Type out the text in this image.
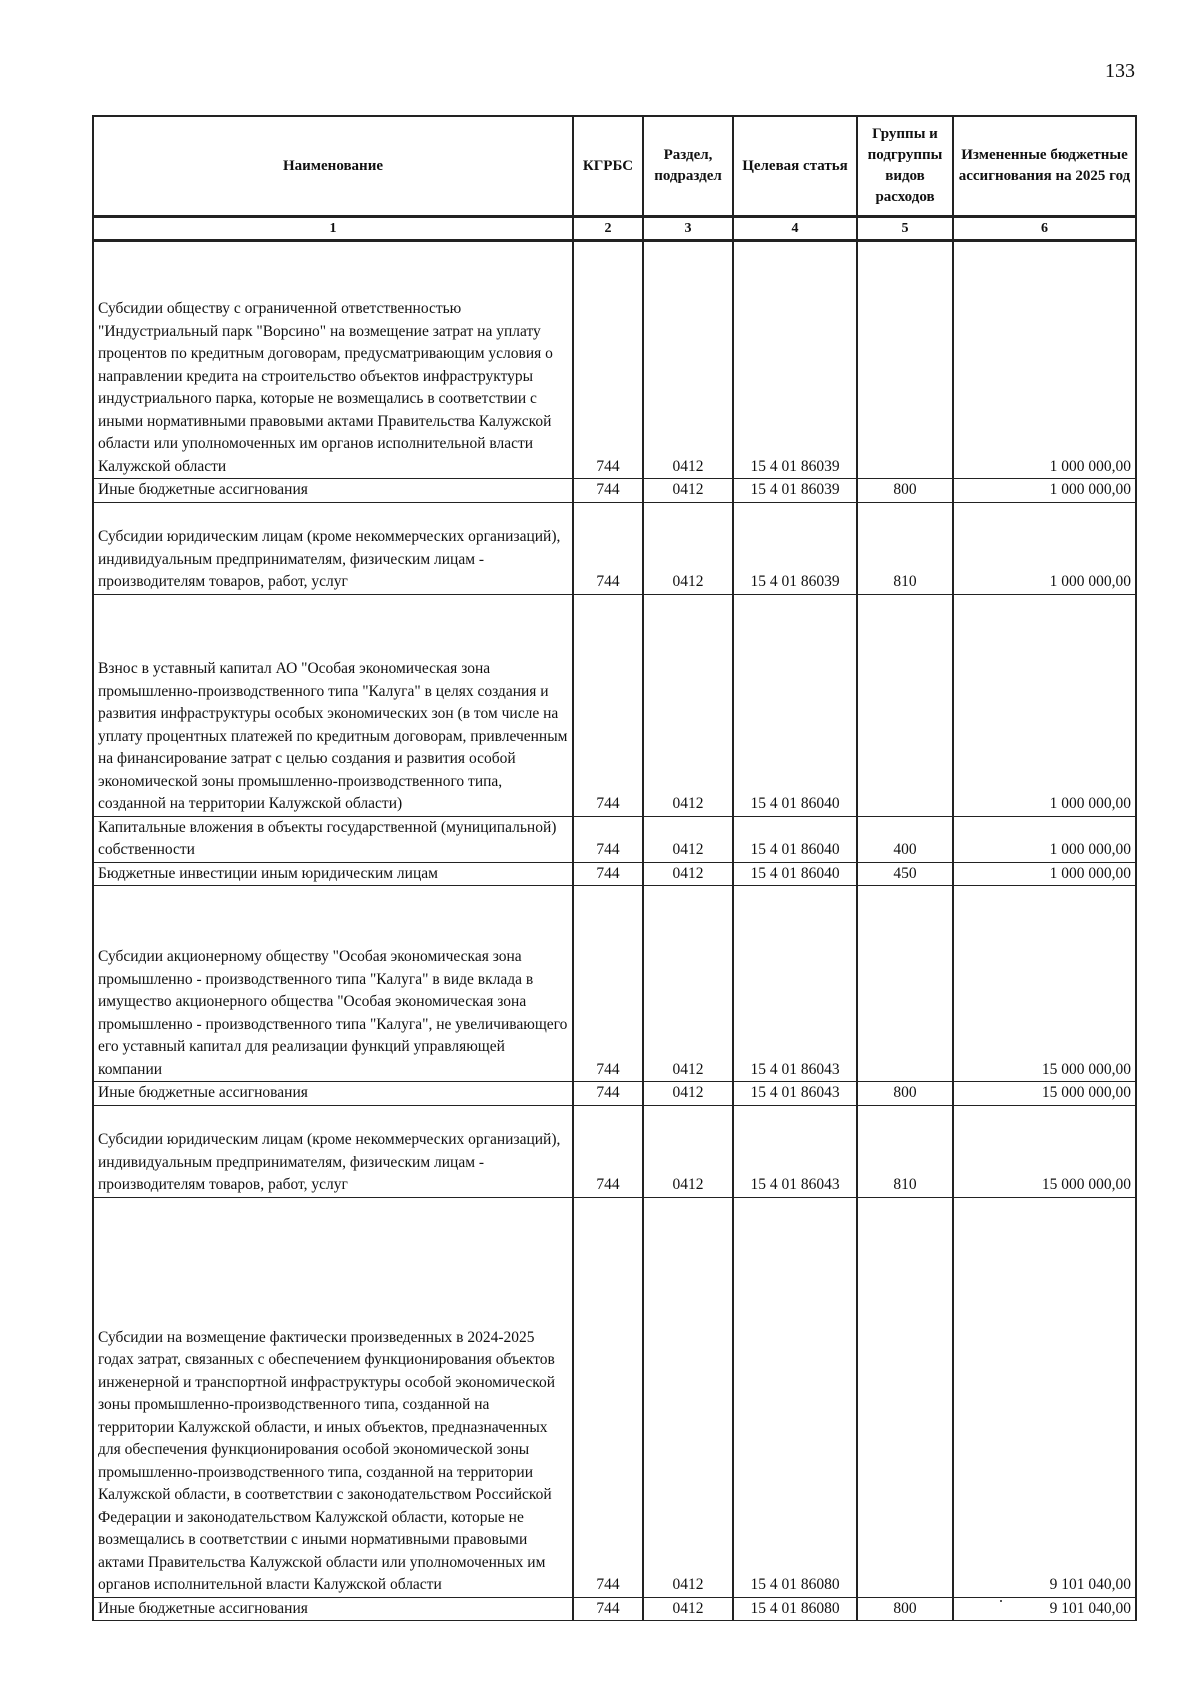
133
Наименование	КГРБС	Раздел, подраздел	Целевая статья	Группы и подгруппы видов расходов	Измененные бюджетные ассигнования на 2025 год
1	2	3	4	5	6
Субсидии обществу с ограниченной ответственностью "Индустриальный парк "Ворсино" на возмещение затрат на уплату процентов по кредитным договорам, предусматривающим условия о направлении кредита на строительство объектов инфраструктуры индустриального парка, которые не возмещались в соответствии с иными нормативными правовыми актами Правительства Калужской области или уполномоченных им органов исполнительной власти Калужской области	744	0412	15 4 01 86039		1 000 000,00
Иные бюджетные ассигнования	744	0412	15 4 01 86039	800	1 000 000,00
Субсидии юридическим лицам (кроме некоммерческих организаций), индивидуальным предпринимателям, физическим лицам - производителям товаров, работ, услуг	744	0412	15 4 01 86039	810	1 000 000,00
Взнос в уставный капитал АО "Особая экономическая зона промышленно-производственного типа "Калуга" в целях создания и развития инфраструктуры особых экономических зон (в том числе на уплату процентных платежей по кредитным договорам, привлеченным на финансирование затрат с целью создания и развития особой экономической зоны промышленно-производственного типа, созданной на территории Калужской области)	744	0412	15 4 01 86040		1 000 000,00
Капитальные вложения в объекты государственной (муниципальной) собственности	744	0412	15 4 01 86040	400	1 000 000,00
Бюджетные инвестиции иным юридическим лицам	744	0412	15 4 01 86040	450	1 000 000,00
Субсидии акционерному обществу "Особая экономическая зона промышленно - производственного типа "Калуга" в виде вклада в имущество акционерного общества "Особая экономическая зона промышленно - производственного типа "Калуга", не увеличивающего его уставный капитал для реализации функций управляющей компании	744	0412	15 4 01 86043		15 000 000,00
Иные бюджетные ассигнования	744	0412	15 4 01 86043	800	15 000 000,00
Субсидии юридическим лицам (кроме некоммерческих организаций), индивидуальным предпринимателям, физическим лицам - производителям товаров, работ, услуг	744	0412	15 4 01 86043	810	15 000 000,00
Субсидии на возмещение фактически произведенных в 2024-2025 годах затрат, связанных с обеспечением функционирования объектов инженерной и транспортной инфраструктуры особой экономической зоны промышленно-производственного типа, созданной на территории Калужской области, и иных объектов, предназначенных для обеспечения функционирования особой экономической зоны промышленно-производственного типа, созданной на территории Калужской области, в соответствии с законодательством Российской Федерации и законодательством Калужской области, которые не возмещались в соответствии с иными нормативными правовыми актами Правительства Калужской области или уполномоченных им органов исполнительной власти Калужской области	744	0412	15 4 01 86080		9 101 040,00
Иные бюджетные ассигнования	744	0412	15 4 01 86080	800	9 101 040,00
